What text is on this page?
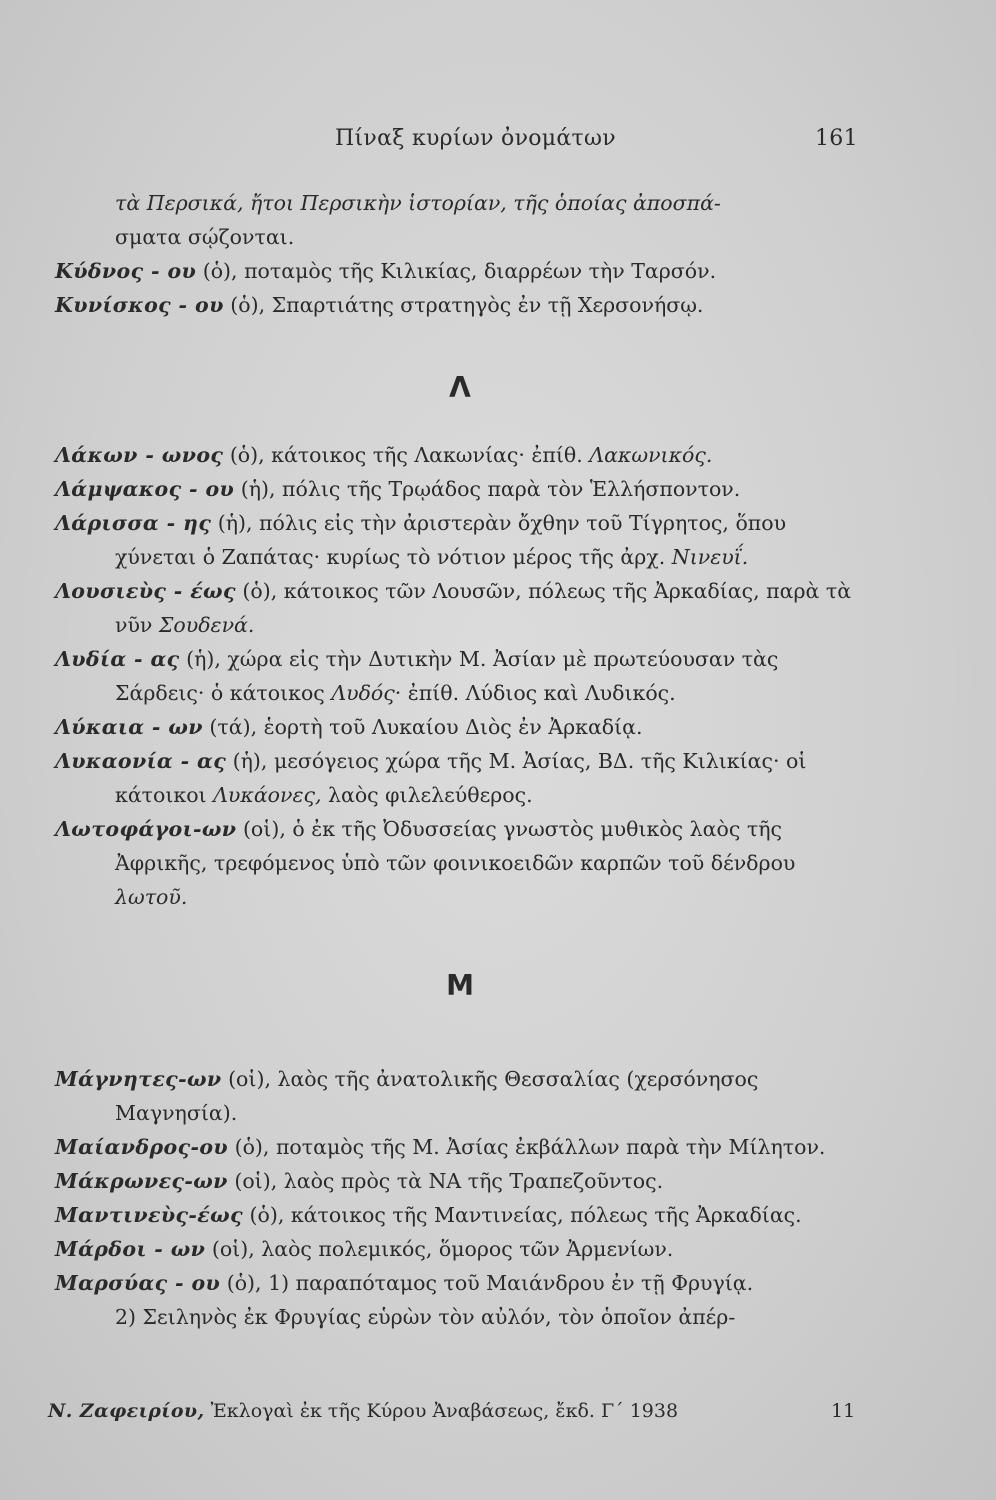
Πίναξ κυρίων ὀνομάτων	161

τὰ Περσικά, ἤτοι Περσικὴν ἱστορίαν, τῆς ὁποίας ἀποσπά-

σματα σῴζονται.

Κύδνος - ου (ὁ), ποταμὸς τῆς Κιλικίας, διαρρέων τὴν Ταρσόν.

Κυνίσκος - ου (ὁ), Σπαρτιάτης στρατηγὸς ἐν τῇ Χερσονήσῳ.

Λ

Λάκων - ωνος (ὁ), κάτοικος τῆς Λακωνίας· ἐπίθ. Λακωνικός.

Λάμψακος - ου (ἡ), πόλις τῆς Τρῳάδος παρὰ τὸν Ἑλλήσποντον.

Λάρισσα - ης (ἡ), πόλις εἰς τὴν ἀριστερὰν ὄχθην τοῦ Τίγρητος, ὅπου χύνεται ὁ Ζαπάτας· κυρίως τὸ νότιον μέρος τῆς ἀρχ. Νινευΐ.

Λουσιεὺς - έως (ὁ), κάτοικος τῶν Λουσῶν, πόλεως τῆς Ἀρκαδίας, παρὰ τὰ νῦν Σουδενά.

Λυδία - ας (ἡ), χώρα εἰς τὴν Δυτικὴν Μ. Ἀσίαν μὲ πρωτεύουσαν τὰς Σάρδεις· ὁ κάτοικος Λυδός· ἐπίθ. Λύδιος καὶ Λυδικός.

Λύκαια - ων (τά), ἑορτὴ τοῦ Λυκαίου Διὸς ἐν Ἀρκαδίᾳ.

Λυκαονία - ας (ἡ), μεσόγειος χώρα τῆς Μ. Ἀσίας, ΒΔ. τῆς Κιλικίας· οἱ κάτοικοι Λυκάονες, λαὸς φιλελεύθερος.

Λωτοφάγοι-ων (οἱ), ὁ ἐκ τῆς Ὀδυσσείας γνωστὸς μυθικὸς λαὸς τῆς Ἀφρικῆς, τρεφόμενος ὑπὸ τῶν φοινικοειδῶν καρπῶν τοῦ δένδρου λωτοῦ.

Μ

Μάγνητες-ων (οἱ), λαὸς τῆς ἀνατολικῆς Θεσσαλίας (χερσόνησος Μαγνησία).

Μαίανδρος-ου (ὁ), ποταμὸς τῆς Μ. Ἀσίας ἐκβάλλων παρὰ τὴν Μίλητον.

Μάκρωνες-ων (οἱ), λαὸς πρὸς τὰ ΝΑ τῆς Τραπεζοῦντος.

Μαντινεὺς-έως (ὁ), κάτοικος τῆς Μαντινείας, πόλεως τῆς Ἀρκαδίας.

Μάρδοι - ων (οἱ), λαὸς πολεμικός, ὅμορος τῶν Ἀρμενίων.

Μαρσύας - ου (ὁ), 1) παραπόταμος τοῦ Μαιάνδρου ἐν τῇ Φρυγίᾳ.

2) Σειληνὸς ἐκ Φρυγίας εὑρὼν τὸν αὐλόν, τὸν ὁποῖον ἀπέρ-

Ν. Ζαφειρίου, Ἐκλογαὶ ἐκ τῆς Κύρου Ἀναβάσεως, ἔκδ. Γ΄ 1938	11
